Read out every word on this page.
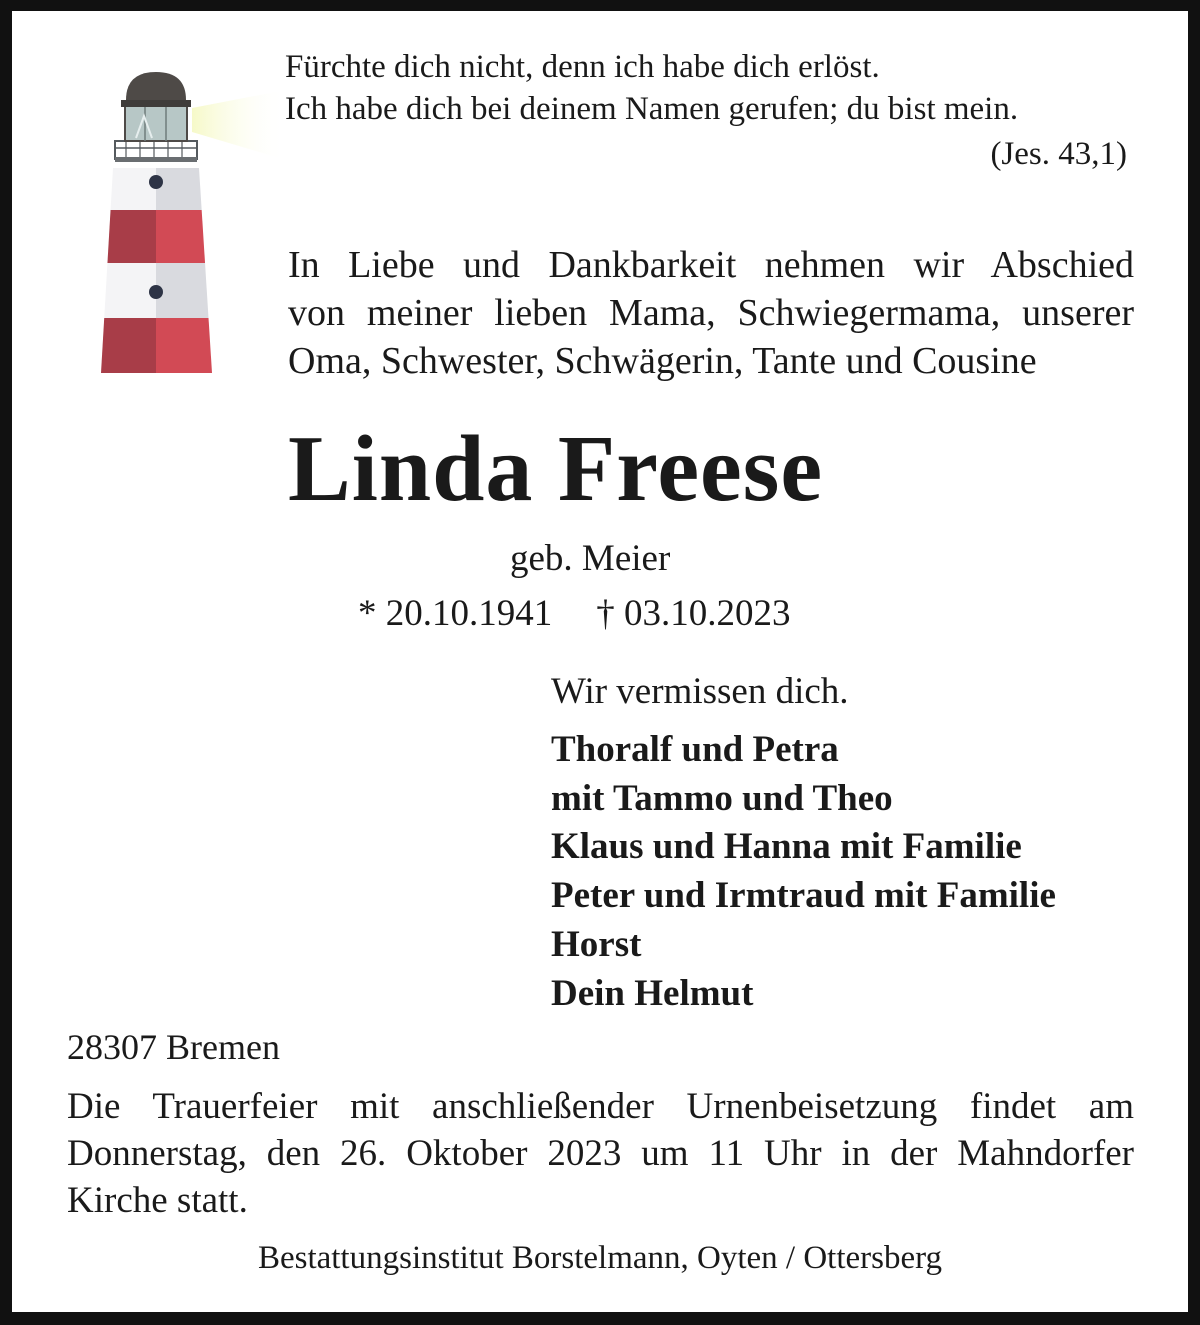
Fürchte dich nicht, denn ich habe dich erlöst.
Ich habe dich bei deinem Namen gerufen; du bist mein.
(Jes. 43,1)
In Liebe und Dankbarkeit nehmen wir Abschied
von meiner lieben Mama, Schwiegermama, unserer
Oma, Schwester, Schwägerin, Tante und Cousine
Linda Freese
geb. Meier
* 20.10.1941 † 03.10.2023
Wir vermissen dich.
Thoralf und Petra
mit Tammo und Theo
Klaus und Hanna mit Familie
Peter und Irmtraud mit Familie
Horst
Dein Helmut
28307 Bremen
Die Trauerfeier mit anschließender Urnenbeisetzung findet am
Donnerstag, den 26. Oktober 2023 um 11 Uhr in der Mahndorfer
Kirche statt.
Bestattungsinstitut Borstelmann, Oyten / Ottersberg
